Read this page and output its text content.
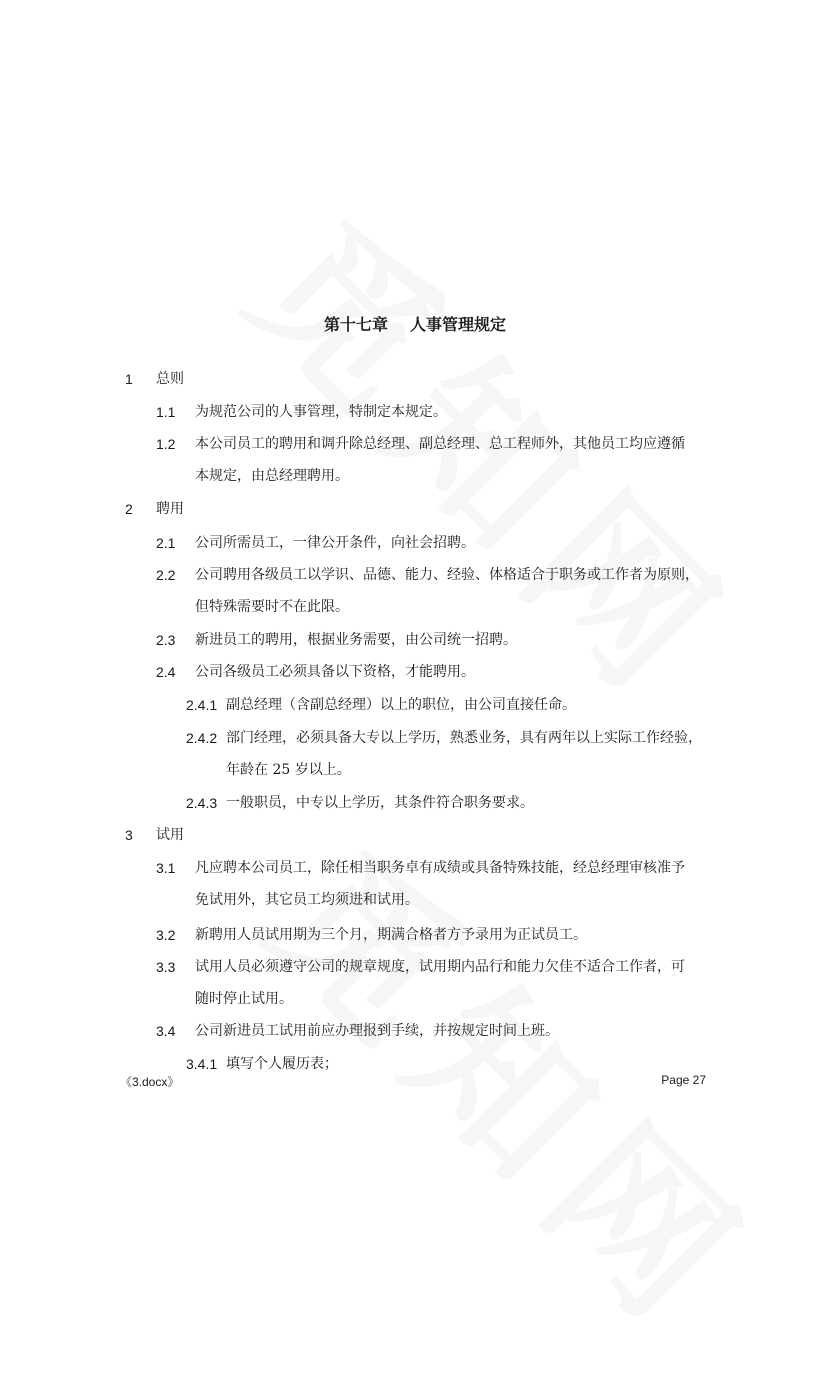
第十七章 人事管理规定
1 总则
1.1 为规范公司的人事管理，特制定本规定。
1.2 本公司员工的聘用和调升除总经理、副总经理、总工程师外，其他员工均应遵循
本规定，由总经理聘用。
2 聘用
2.1 公司所需员工，一律公开条件，向社会招聘。
2.2 公司聘用各级员工以学识、品德、能力、经验、体格适合于职务或工作者为原则，
但特殊需要时不在此限。
2.3 新进员工的聘用，根据业务需要，由公司统一招聘。
2.4 公司各级员工必须具备以下资格，才能聘用。
2.4.1 副总经理（含副总经理）以上的职位，由公司直接任命。
2.4.2 部门经理，必须具备大专以上学历，熟悉业务，具有两年以上实际工作经验，
年龄在 25 岁以上。
2.4.3 一般职员，中专以上学历，其条件符合职务要求。
3 试用
3.1 凡应聘本公司员工，除任相当职务卓有成绩或具备特殊技能，经总经理审核准予
免试用外，其它员工均须进和试用。
3.2 新聘用人员试用期为三个月，期满合格者方予录用为正试员工。
3.3 试用人员必须遵守公司的规章规度，试用期内品行和能力欠佳不适合工作者，可
随时停止试用。
3.4 公司新进员工试用前应办理报到手续，并按规定时间上班。
3.4.1 填写个人履历表；
《3.docx》	Page 27
